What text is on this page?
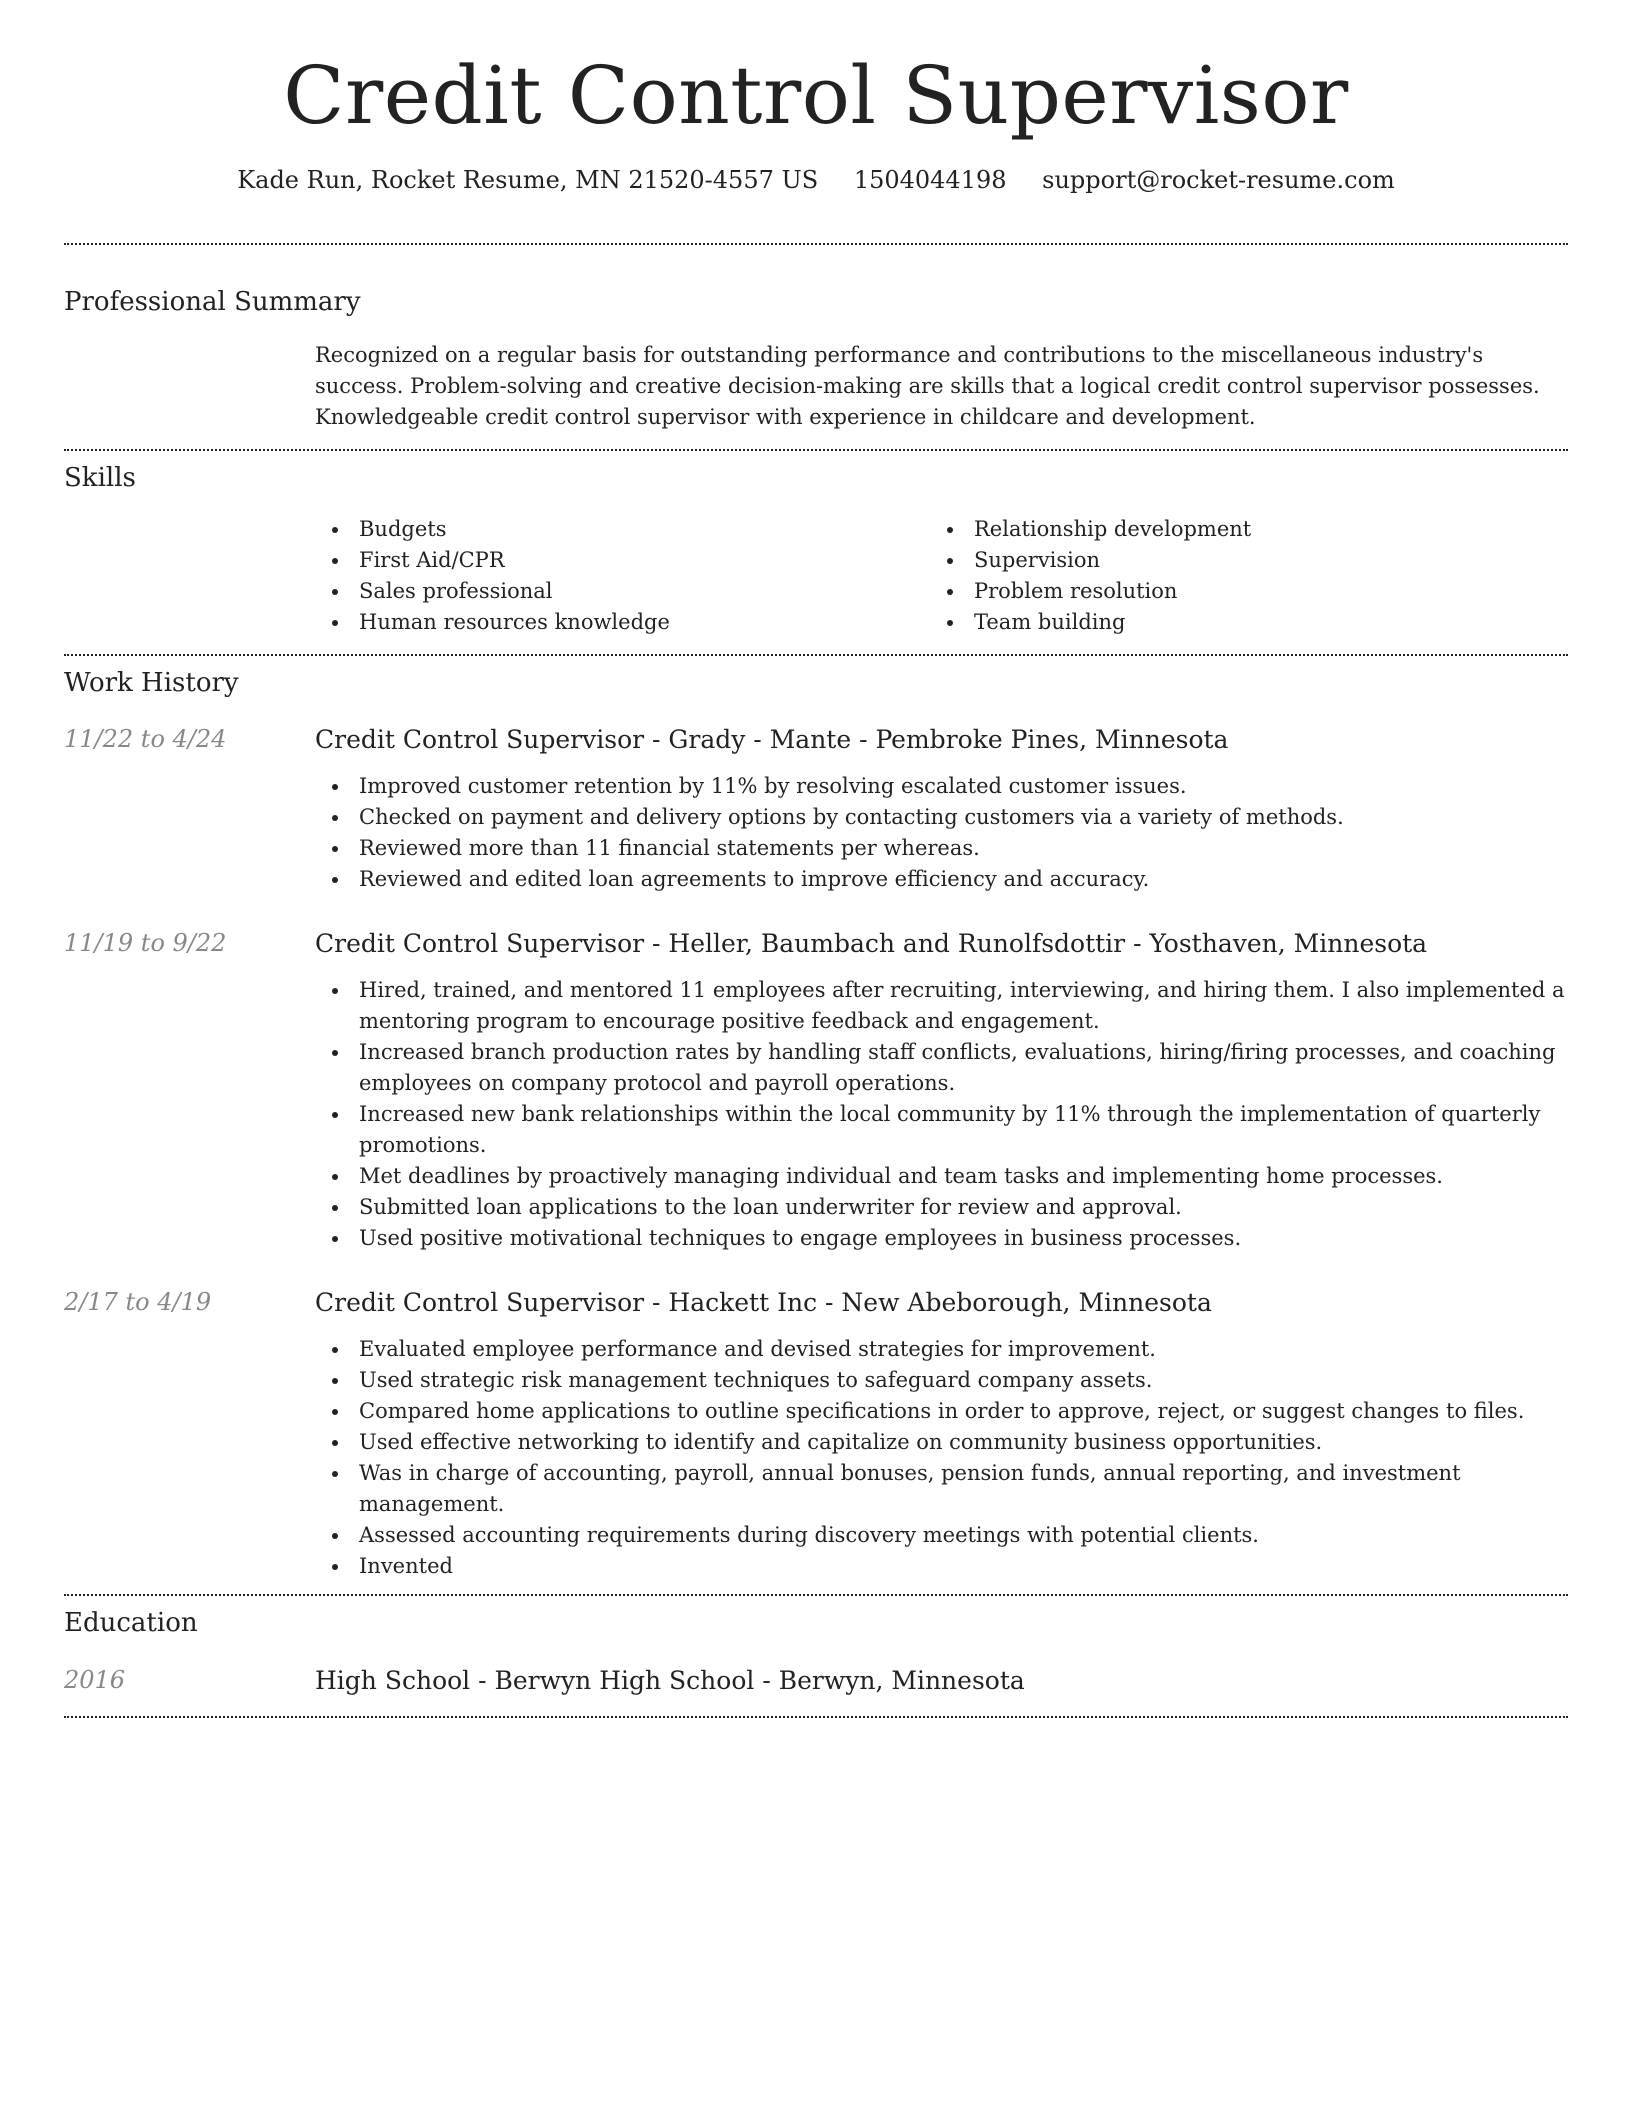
Credit Control Supervisor
Kade Run, Rocket Resume, MN 21520-4557 US 1504044198 support@rocket-resume.com
Professional Summary

Recognized on a regular basis for outstanding performance and contributions to the miscellaneous industry's success. Problem-solving and creative decision-making are skills that a logical credit control supervisor possesses. Knowledgeable credit control supervisor with experience in childcare and development.

Skills
Budgets
First Aid/CPR
Sales professional
Human resources knowledge
Relationship development
Supervision
Problem resolution
Team building
Work History
11/22 to 4/24	Credit Control Supervisor - Grady - Mante - Pembroke Pines, Minnesota
Improved customer retention by 11% by resolving escalated customer issues.
Checked on payment and delivery options by contacting customers via a variety of methods.
Reviewed more than 11 financial statements per whereas.
Reviewed and edited loan agreements to improve efficiency and accuracy.
11/19 to 9/22	Credit Control Supervisor - Heller, Baumbach and Runolfsdottir - Yosthaven, Minnesota
Hired, trained, and mentored 11 employees after recruiting, interviewing, and hiring them. I also implemented a mentoring program to encourage positive feedback and engagement.
Increased branch production rates by handling staff conflicts, evaluations, hiring/firing processes, and coaching employees on company protocol and payroll operations.
Increased new bank relationships within the local community by 11% through the implementation of quarterly promotions.
Met deadlines by proactively managing individual and team tasks and implementing home processes.
Submitted loan applications to the loan underwriter for review and approval.
Used positive motivational techniques to engage employees in business processes.
2/17 to 4/19	Credit Control Supervisor - Hackett Inc - New Abeborough, Minnesota
Evaluated employee performance and devised strategies for improvement.
Used strategic risk management techniques to safeguard company assets.
Compared home applications to outline specifications in order to approve, reject, or suggest changes to files.
Used effective networking to identify and capitalize on community business opportunities.
Was in charge of accounting, payroll, annual bonuses, pension funds, annual reporting, and investment management.
Assessed accounting requirements during discovery meetings with potential clients.
Invented
Education
2016	High School - Berwyn High School - Berwyn, Minnesota
